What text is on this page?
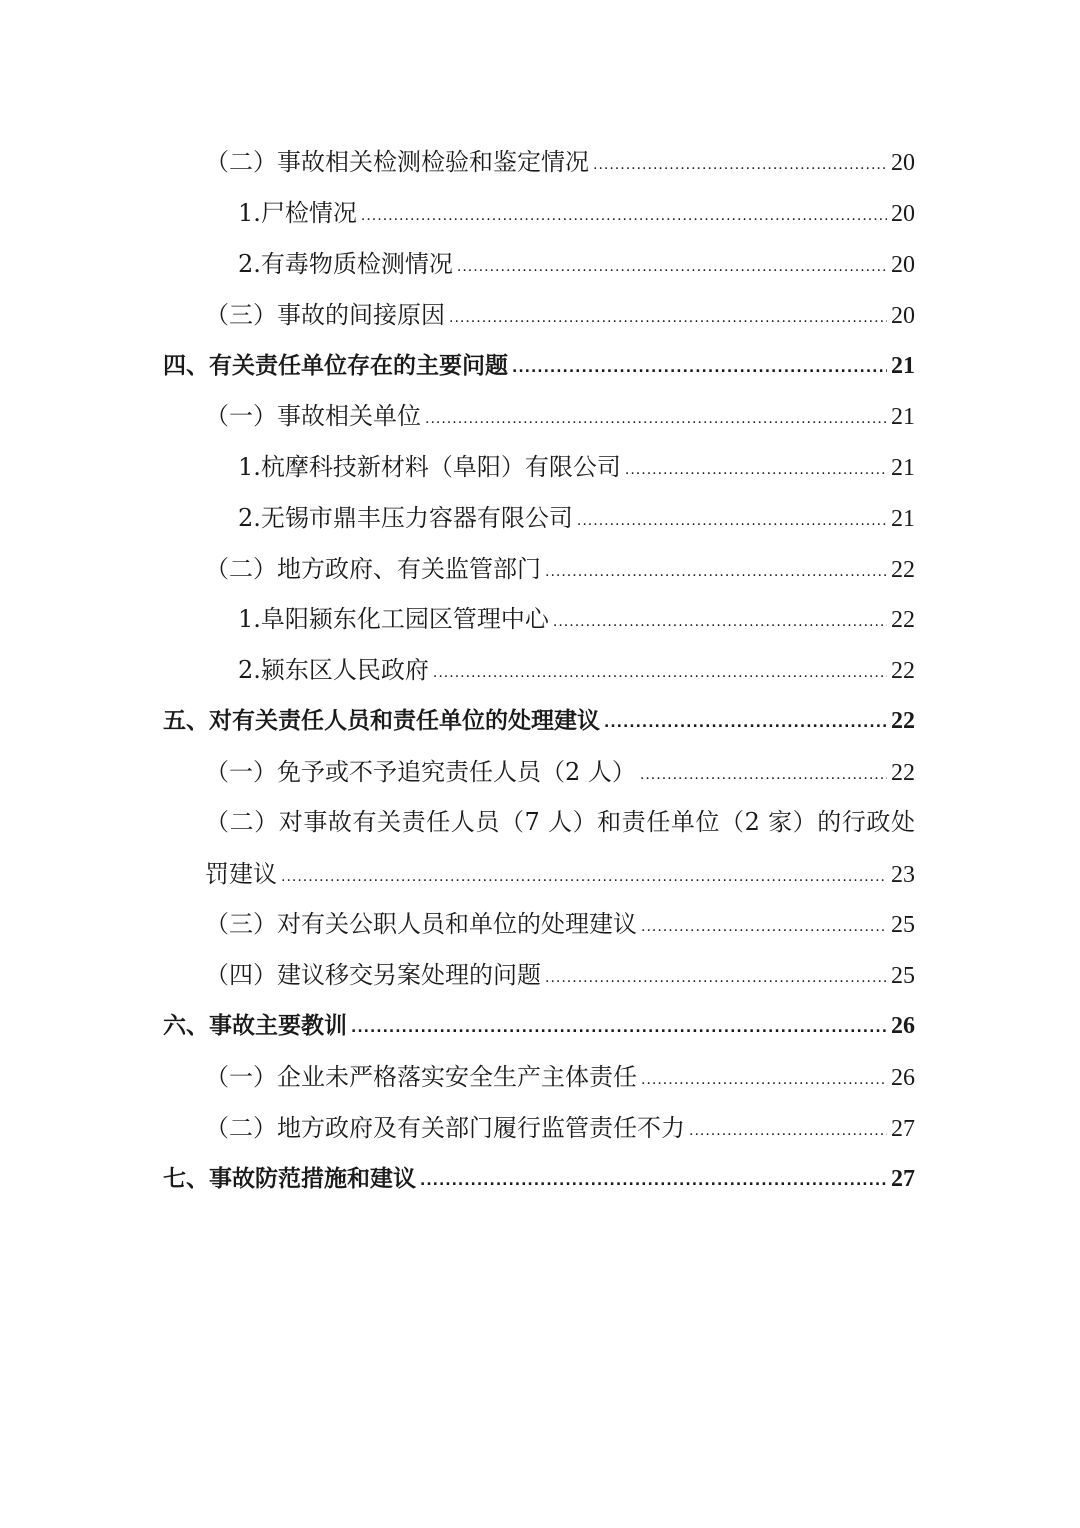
（二）事故相关检测检验和鉴定情况 .....	20
1.尸检情况 .....	20
2.有毒物质检测情况 .....	20
（三）事故的间接原因 .....	20
四、有关责任单位存在的主要问题 .....	21
（一）事故相关单位 .....	21
1.杭摩科技新材料（阜阳）有限公司 .....	21
2.无锡市鼎丰压力容器有限公司 .....	21
（二）地方政府、有关监管部门 .....	22
1.阜阳颍东化工园区管理中心 .....	22
2.颍东区人民政府 .....	22
五、对有关责任人员和责任单位的处理建议 .....	22
（一）免予或不予追究责任人员（2 人） .....	22
（二）对事故有关责任人员（7 人）和责任单位（2 家）的行政处
罚建议 .....	23
（三）对有关公职人员和单位的处理建议 .....	25
（四）建议移交另案处理的问题 .....	25
六、事故主要教训 .....	26
（一）企业未严格落实安全生产主体责任 .....	26
（二）地方政府及有关部门履行监管责任不力 .....	27
七、事故防范措施和建议 .....	27
